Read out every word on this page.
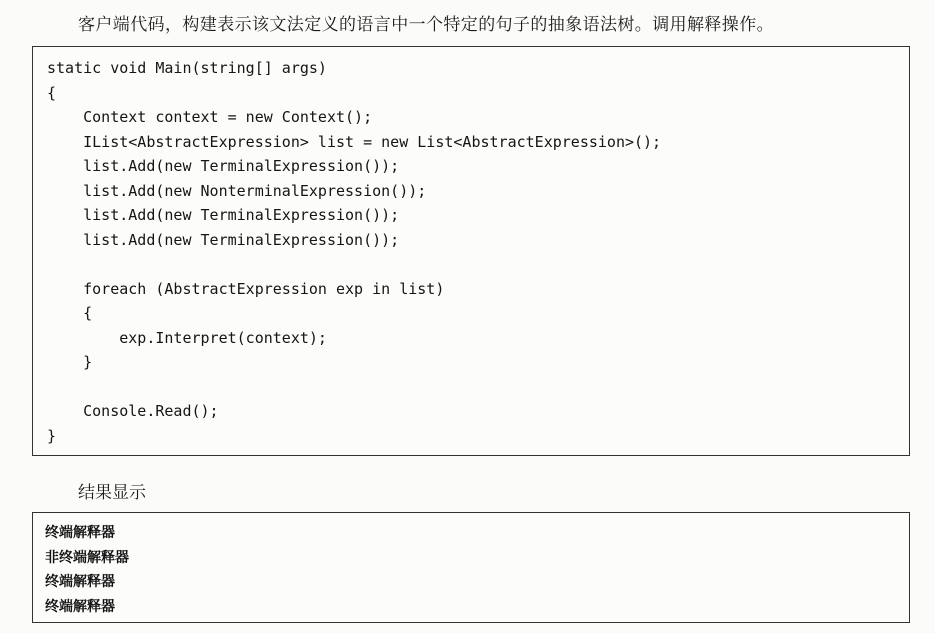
客户端代码，构建表示该文法定义的语言中一个特定的句子的抽象语法树。调用解释操作。
static void Main(string[] args)
{
Context context = new Context();
IList<AbstractExpression> list = new List<AbstractExpression>();
list.Add(new TerminalExpression());
list.Add(new NonterminalExpression());
list.Add(new TerminalExpression());
list.Add(new TerminalExpression());
foreach (AbstractExpression exp in list)
{
exp.Interpret(context);
}
Console.Read();
}
结果显示
终端解释器
非终端解释器
终端解释器
终端解释器
